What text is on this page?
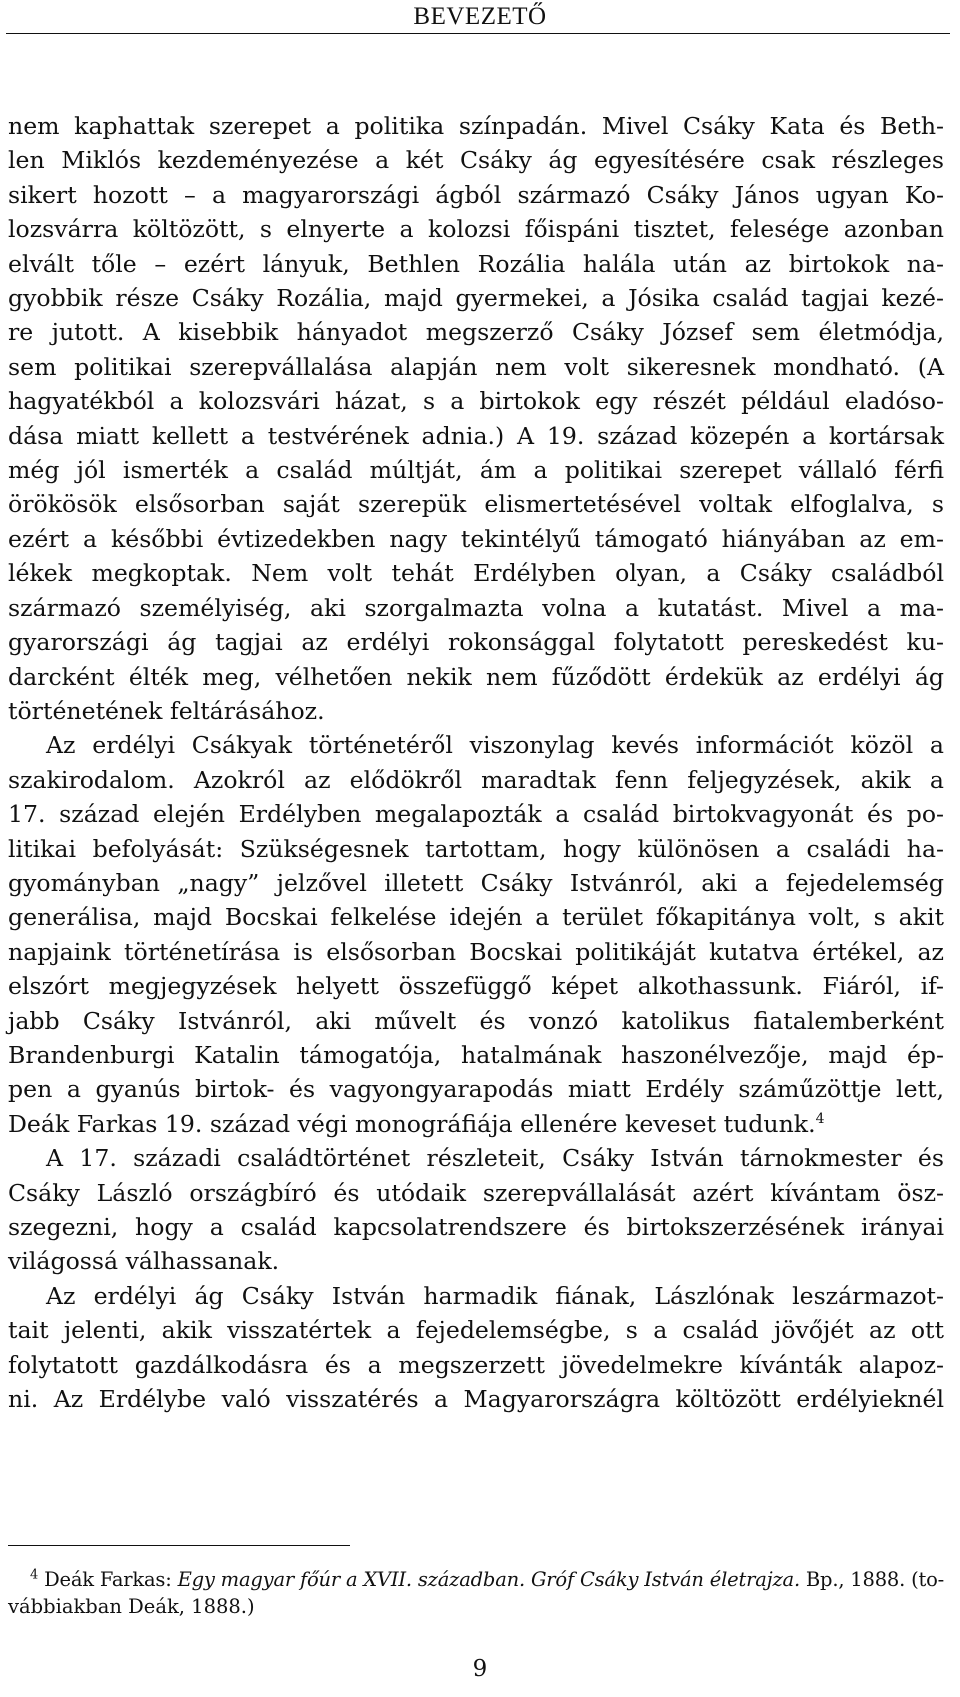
BEVEZETŐ

nem kaphattak szerepet a politika színpadán. Mivel Csáky Kata és Beth-
len Miklós kezdeményezése a két Csáky ág egyesítésére csak részleges
sikert hozott – a magyarországi ágból származó Csáky János ugyan Ko-
lozsvárra költözött, s elnyerte a kolozsi főispáni tisztet, felesége azonban
elvált tőle – ezért lányuk, Bethlen Rozália halála után az birtokok na-
gyobbik része Csáky Rozália, majd gyermekei, a Jósika család tagjai kezé-
re jutott. A kisebbik hányadot megszerző Csáky József sem életmódja,
sem politikai szerepvállalása alapján nem volt sikeresnek mondható. (A
hagyatékból a kolozsvári házat, s a birtokok egy részét például eladóso-
dása miatt kellett a testvérének adnia.) A 19. század közepén a kortársak
még jól ismerték a család múltját, ám a politikai szerepet vállaló férfi
örökösök elsősorban saját szerepük elismertetésével voltak elfoglalva, s
ezért a későbbi évtizedekben nagy tekintélyű támogató hiányában az em-
lékek megkoptak. Nem volt tehát Erdélyben olyan, a Csáky családból
származó személyiség, aki szorgalmazta volna a kutatást. Mivel a ma-
gyarországi ág tagjai az erdélyi rokonsággal folytatott pereskedést ku-
darcként élték meg, vélhetően nekik nem fűződött érdekük az erdélyi ág
történetének feltárásához.

Az erdélyi Csákyak történetéről viszonylag kevés információt közöl a
szakirodalom. Azokról az elődökről maradtak fenn feljegyzések, akik a
17. század elején Erdélyben megalapozták a család birtokvagyonát és po-
litikai befolyását: Szükségesnek tartottam, hogy különösen a családi ha-
gyományban „nagy” jelzővel illetett Csáky Istvánról, aki a fejedelemség
generálisa, majd Bocskai felkelése idején a terület főkapitánya volt, s akit
napjaink történetírása is elsősorban Bocskai politikáját kutatva értékel, az
elszórt megjegyzések helyett összefüggő képet alkothassunk. Fiáról, if-
jabb Csáky Istvánról, aki művelt és vonzó katolikus fiatalemberként
Brandenburgi Katalin támogatója, hatalmának haszonélvezője, majd ép-
pen a gyanús birtok- és vagyongyarapodás miatt Erdély száműzöttje lett,
Deák Farkas 19. század végi monográfiája ellenére keveset tudunk.$^4$

A 17. századi családtörténet részleteit, Csáky István tárnokmester és
Csáky László országbíró és utódaik szerepvállalását azért kívántam ösz-
szegezni, hogy a család kapcsolatrendszere és birtokszerzésének irányai
világossá válhassanak.

Az erdélyi ág Csáky István harmadik fiának, Lászlónak leszármazot-
tait jelenti, akik visszatértek a fejedelemségbe, s a család jövőjét az ott
folytatott gazdálkodásra és a megszerzett jövedelmekre kívánták alapoz-
ni. Az Erdélybe való visszatérés a Magyarországra költözött erdélyieknél

$^4$ Deák Farkas: Egy magyar főúr a XVII. században. Gróf Csáky István életrajza. Bp., 1888. (to-
vábbiakban Deák, 1888.)
9
